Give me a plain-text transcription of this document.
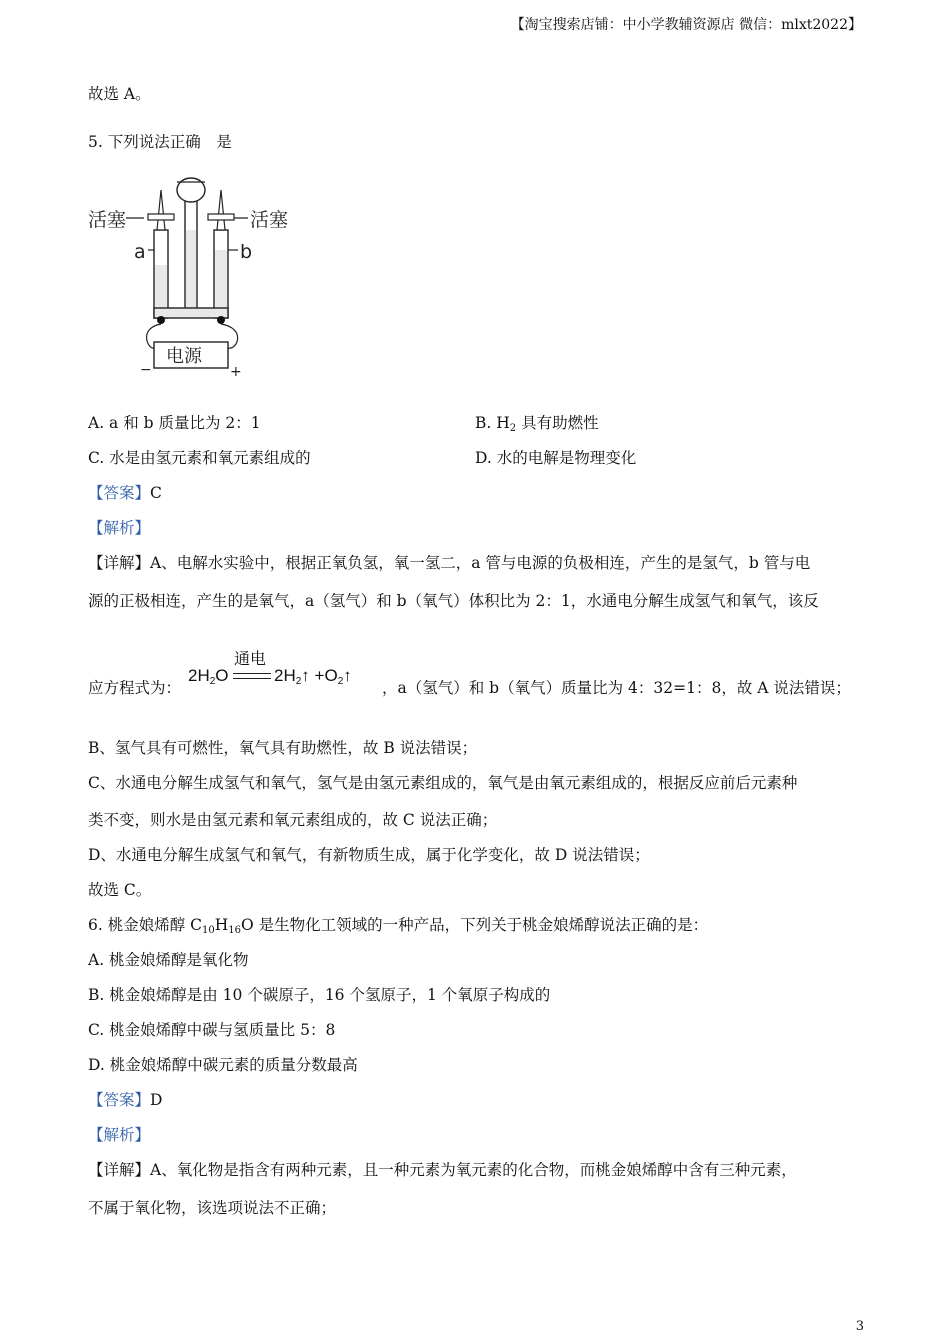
【淘宝搜索店铺：中小学教辅资源店 微信：mlxt2022】
故选 A。
5. 下列说法正确　是
活塞	活塞
a	b
电源
−	+
A. a 和 b 质量比为 2：1	B. $H_2$ 具有助燃性
C. 水是由氢元素和氧元素组成的	D. 水的电解是物理变化
【答案】C
【解析】
【详解】A、电解水实验中，根据正氧负氢，氧一氢二，a 管与电源的负极相连，产生的是氢气，b 管与电
源的正极相连，产生的是氧气，a（氢气）和 b（氧气）体积比为 2：1，水通电分解生成氢气和氧气，该反
应方程式为：
通电
$2H_2O$	$2H_2↑$ $+O_2↑$
，a（氢气）和 b（氧气）质量比为 4：32=1：8，故 A 说法错误；
B、氢气具有可燃性，氧气具有助燃性，故 B 说法错误；
C、水通电分解生成氢气和氧气，氢气是由氢元素组成的，氧气是由氧元素组成的，根据反应前后元素种
类不变，则水是由氢元素和氧元素组成的，故 C 说法正确；
D、水通电分解生成氢气和氧气，有新物质生成，属于化学变化，故 D 说法错误；
故选 C。
6. 桃金娘烯醇 $C_{10}H_{16}O$ 是生物化工领域的一种产品，下列关于桃金娘烯醇说法正确的是：
A. 桃金娘烯醇是氧化物
B. 桃金娘烯醇是由 10 个碳原子，16 个氢原子，1 个氧原子构成的
C. 桃金娘烯醇中碳与氢质量比 5：8
D. 桃金娘烯醇中碳元素的质量分数最高
【答案】D
【解析】
【详解】A、氧化物是指含有两种元素，且一种元素为氧元素的化合物，而桃金娘烯醇中含有三种元素，
不属于氧化物，该选项说法不正确；
3
